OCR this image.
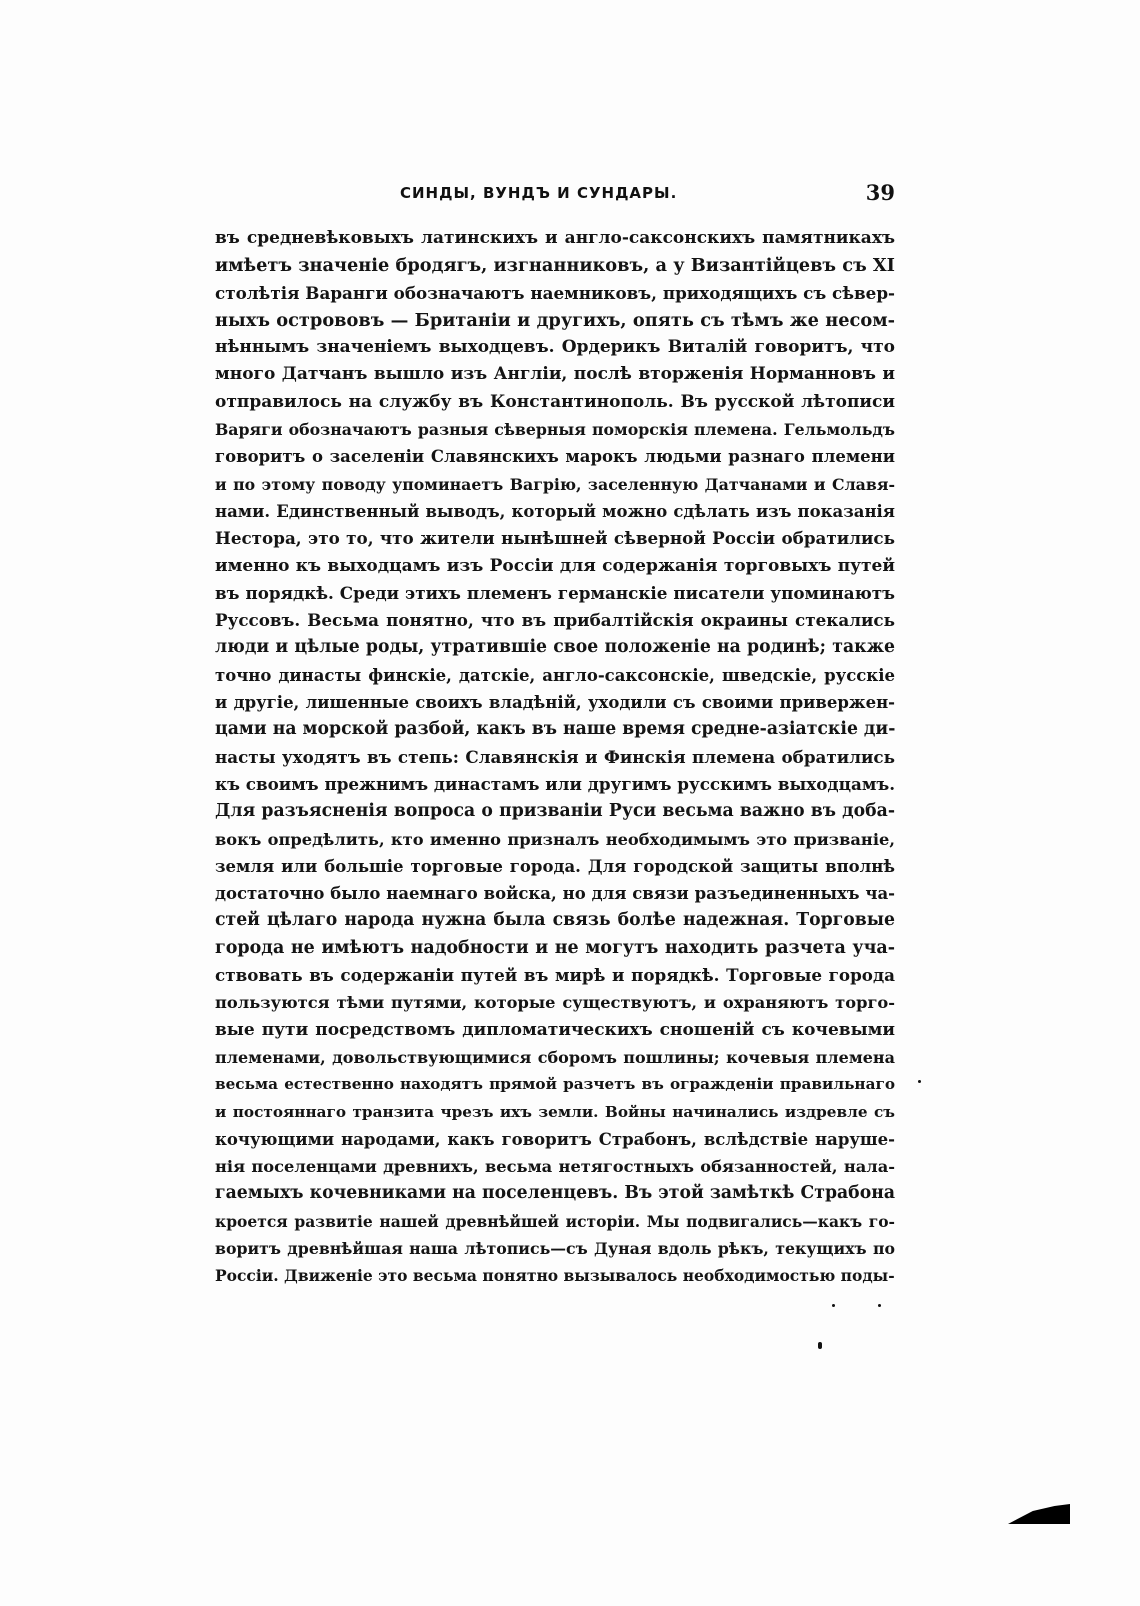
СИНДЫ, ВУНДЪ И СУНДАРЫ.	39
въ средневѣковыхъ латинскихъ и англо-саксонскихъ памятникахъ
имѣетъ значеніе бродягъ, изгнанниковъ, а у Византійцевъ съ XI
столѣтія Варанги обозначаютъ наемниковъ, приходящихъ съ сѣвер-
ныхъ острововъ — Британіи и другихъ, опять съ тѣмъ же несом-
нѣннымъ значеніемъ выходцевъ. Ордерикъ Виталій говоритъ, что
много Датчанъ вышло изъ Англіи, послѣ вторженія Норманновъ и
отправилось на службу въ Константинополь. Въ русской лѣтописи
Варяги обозначаютъ разныя сѣверныя поморскія племена. Гельмольдъ
говоритъ о заселеніи Славянскихъ марокъ людьми разнаго племени
и по этому поводу упоминаетъ Вагрію, заселенную Датчанами и Славя-
нами. Единственный выводъ, который можно сдѣлать изъ показанія
Нестора, это то, что жители нынѣшней сѣверной Россіи обратились
именно къ выходцамъ изъ Россіи для содержанія торговыхъ путей
въ порядкѣ. Среди этихъ племенъ германскіе писатели упоминаютъ
Руссовъ. Весьма понятно, что въ прибалтійскія окраины стекались
люди и цѣлые роды, утратившіе свое положеніе на родинѣ; также
точно династы финскіе, датскіе, англо-саксонскіе, шведскіе, русскіе
и другіе, лишенные своихъ владѣній, уходили съ своими привержен-
цами на морской разбой, какъ въ наше время средне-азіатскіе ди-
насты уходятъ въ степь: Славянскія и Финскія племена обратились
къ своимъ прежнимъ династамъ или другимъ русскимъ выходцамъ.
Для разъясненія вопроса о призваніи Руси весьма важно въ доба-
вокъ опредѣлить, кто именно призналъ необходимымъ это призваніе,
земля или большіе торговые города. Для городской защиты вполнѣ
достаточно было наемнаго войска, но для связи разъединенныхъ ча-
стей цѣлаго народа нужна была связь болѣе надежная. Торговые
города не имѣютъ надобности и не могутъ находить разчета уча-
ствовать въ содержаніи путей въ мирѣ и порядкѣ. Торговые города
пользуются тѣми путями, которые существуютъ, и охраняютъ торго-
вые пути посредствомъ дипломатическихъ сношеній съ кочевыми
племенами, довольствующимися сборомъ пошлины; кочевыя племена
весьма естественно находятъ прямой разчетъ въ огражденіи правильнаго
и постояннаго транзита чрезъ ихъ земли. Войны начинались издревле съ
кочующими народами, какъ говоритъ Страбонъ, вслѣдствіе наруше-
нія поселенцами древнихъ, весьма нетягостныхъ обязанностей, нала-
гаемыхъ кочевниками на поселенцевъ. Въ этой замѣткѣ Страбона
кроется развитіе нашей древнѣйшей исторіи. Мы подвигались—какъ го-
воритъ древнѣйшая наша лѣтопись—съ Дуная вдоль рѣкъ, текущихъ по
Россіи. Движеніе это весьма понятно вызывалось необходимостью поды-
